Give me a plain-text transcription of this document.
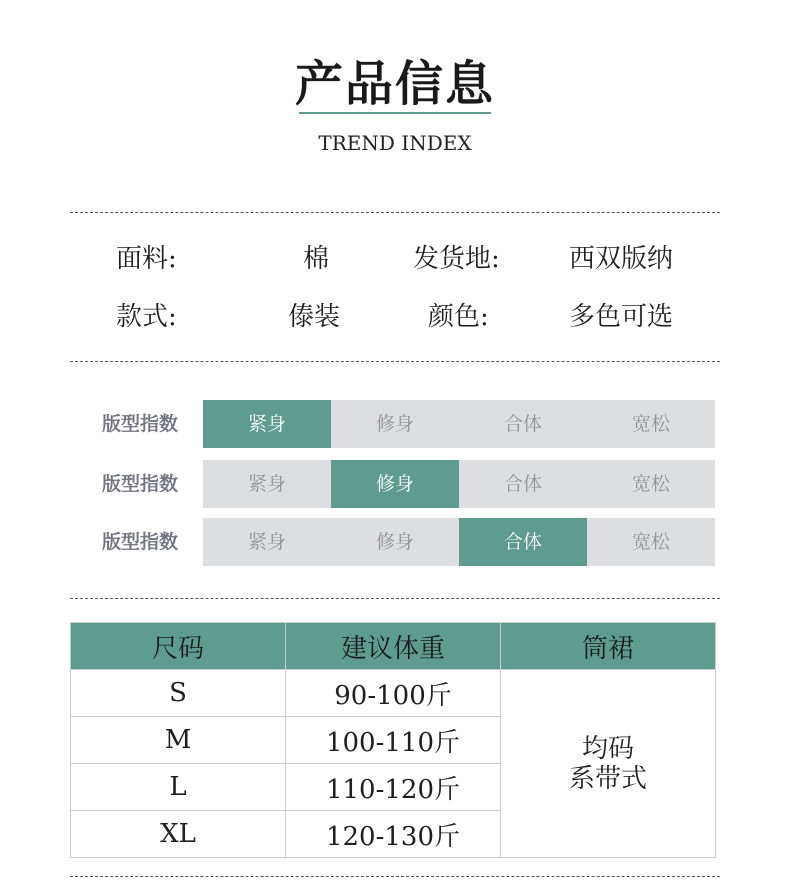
产品信息
TREND INDEX
面料:	棉	发货地:	西双版纳
款式:	傣装	颜色:	多色可选
版型指数	紧身	修身	合体	宽松
版型指数	紧身	修身	合体	宽松
版型指数	紧身	修身	合体	宽松
尺码	建议体重	筒裙
S	90-100斤	均码
系带式

M	100-110斤	
L	110-120斤	
XL	120-130斤	
